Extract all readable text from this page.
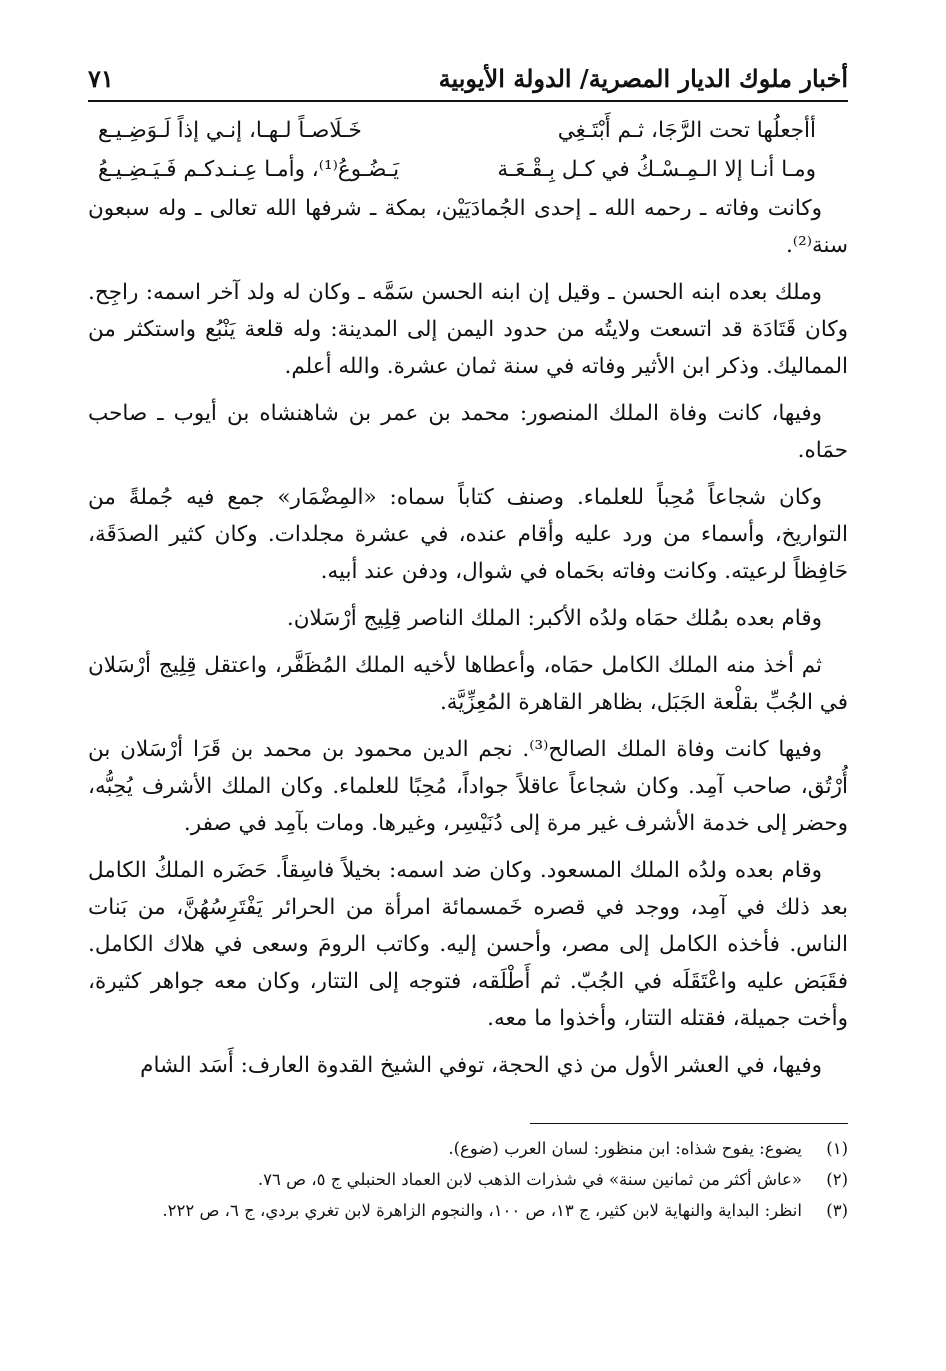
أخبار ملوك الديار المصرية/ الدولة الأيوبية
٧١
أأجعلُها تحت الرَّجَا، ثـم أَبْتَـغِي
خَـلَاصـاً لـهـا، إنـي إذاً لَـوَضِـيـع
ومـا أنـا إلا الـمِـسْـكُ في كـل بِـقْـعَـة
يَـضُـوعُ⁽¹⁾، وأمـا عِـنـدكـم فَـيَـضِـيـعُ

وكانت وفاته ـ رحمه الله ـ إحدى الجُمادَيَيْن، بمكة ـ شرفها الله تعالى ـ وله سبعون سنة⁽²⁾.

وملك بعده ابنه الحسن ـ وقيل إن ابنه الحسن سَمَّه ـ وكان له ولد آخر اسمه: راجِح. وكان قَتَادَة قد اتسعت ولايتُه من حدود اليمن إلى المدينة: وله قلعة يَنْبُع واستكثر من المماليك. وذكر ابن الأثير وفاته في سنة ثمان عشرة. والله أعلم.

وفيها، كانت وفاة الملك المنصور: محمد بن عمر بن شاهنشاه بن أيوب ـ صاحب حمَاه.

وكان شجاعاً مُحِباً للعلماء. وصنف كتاباً سماه: «المِضْمَار» جمع فيه جُملةً من التواريخ، وأسماء من ورد عليه وأقام عنده، في عشرة مجلدات. وكان كثير الصدَقَة، حَافِظاً لرعيته. وكانت وفاته بحَماه في شوال، ودفن عند أبيه.

وقام بعده بمُلك حمَاه ولدُه الأكبر: الملك الناصر قِلِيج أرْسَلان.

ثم أخذ منه الملك الكامل حمَاه، وأعطاها لأخيه الملك المُظَفَّر، واعتقل قِلِيج أرْسَلان في الجُبِّ بقلْعة الجَبَل، بظاهر القاهرة المُعِزِّيَّة.

وفيها كانت وفاة الملك الصالح⁽³⁾. نجم الدين محمود بن محمد بن قَرَا أرْسَلان بن أُرْتُق، صاحب آمِد. وكان شجاعاً عاقلاً جواداً، مُحِبًا للعلماء. وكان الملك الأشرف يُحِبُّه، وحضر إلى خدمة الأشرف غير مرة إلى دُنَيْسِر، وغيرها. ومات بآمِد في صفر.

وقام بعده ولدُه الملك المسعود. وكان ضد اسمه: بخيلاً فاسِقاً. حَضَره الملكُ الكامل بعد ذلك في آمِد، ووجد في قصره خَمسمائة امرأة من الحرائر يَفْتَرِسُهُنَّ، من بَنات الناس. فأخذه الكامل إلى مصر، وأحسن إليه. وكاتب الرومَ وسعى في هلاك الكامل. فقَبَض عليه واعْتَقَلَه في الجُبّ. ثم أَطْلَقه، فتوجه إلى التتار، وكان معه جواهر كثيرة، وأخت جميلة، فقتله التتار، وأخذوا ما معه.

وفيها، في العشر الأول من ذي الحجة، توفي الشيخ القدوة العارف: أَسَد الشام

(١)
يضوع: يفوح شذاه: ابن منظور: لسان العرب (ضوع).
(٢)
«عاش أكثر من ثمانين سنة» في شذرات الذهب لابن العماد الحنبلي ج ٥، ص ٧٦.
(٣)
انظر: البداية والنهاية لابن كثير، ج ١٣، ص ١٠٠، والنجوم الزاهرة لابن تغري بردي، ج ٦، ص ٢٢٢.
